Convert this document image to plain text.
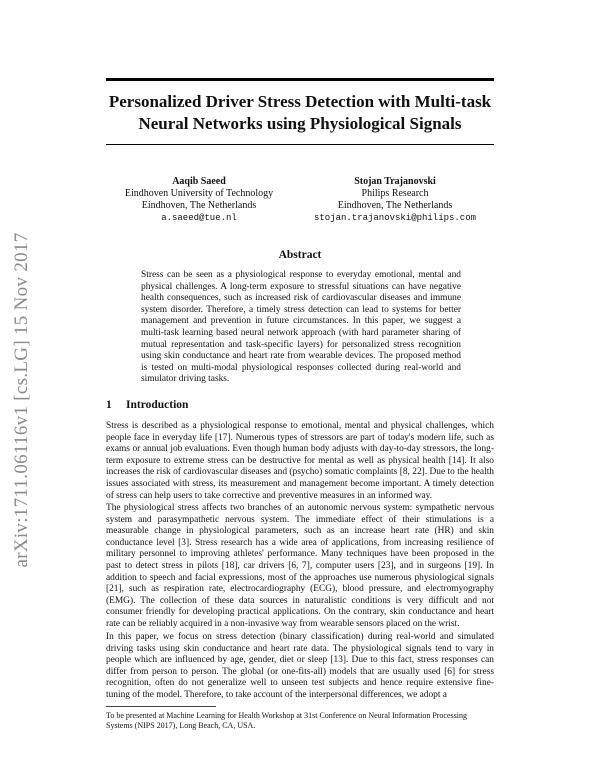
arXiv:1711.06116v1 [cs.LG] 15 Nov 2017
Personalized Driver Stress Detection with Multi-task
Neural Networks using Physiological Signals
Aaqib Saeed
Eindhoven University of Technology
Eindhoven, The Netherlands
a.saeed@tue.nl
Stojan Trajanovski
Philips Research
Eindhoven, The Netherlands
stojan.trajanovski@philips.com
Abstract
Stress can be seen as a physiological response to everyday emotional, mental and physical challenges. A long-term exposure to stressful situations can have negative health consequences, such as increased risk of cardiovascular diseases and immune system disorder. Therefore, a timely stress detection can lead to systems for better management and prevention in future circumstances. In this paper, we suggest a multi-task learning based neural network approach (with hard parameter sharing of mutual representation and task-specific layers) for personalized stress recognition using skin conductance and heart rate from wearable devices. The proposed method is tested on multi-modal physiological responses collected during real-world and simulator driving tasks.
1 Introduction

Stress is described as a physiological response to emotional, mental and physical challenges, which people face in everyday life [17]. Numerous types of stressors are part of today's modern life, such as exams or annual job evaluations. Even though human body adjusts with day-to-day stressors, the long-term exposure to extreme stress can be destructive for mental as well as physical health [14]. It also increases the risk of cardiovascular diseases and (psycho) somatic complaints [8, 22]. Due to the health issues associated with stress, its measurement and management become important. A timely detection of stress can help users to take corrective and preventive measures in an informed way.

The physiological stress affects two branches of an autonomic nervous system: sympathetic nervous system and parasympathetic nervous system. The immediate effect of their stimulations is a measurable change in physiological parameters, such as an increase heart rate (HR) and skin conductance level [3]. Stress research has a wide area of applications, from increasing resilience of military personnel to improving athletes' performance. Many techniques have been proposed in the past to detect stress in pilots [18], car drivers [6, 7], computer users [23], and in surgeons [19]. In addition to speech and facial expressions, most of the approaches use numerous physiological signals [21], such as respiration rate, electrocardiography (ECG), blood pressure, and electromyography (EMG). The collection of these data sources in naturalistic conditions is very difficult and not consumer friendly for developing practical applications. On the contrary, skin conductance and heart rate can be reliably acquired in a non-invasive way from wearable sensors placed on the wrist.

In this paper, we focus on stress detection (binary classification) during real-world and simulated driving tasks using skin conductance and heart rate data. The physiological signals tend to vary in people which are influenced by age, gender, diet or sleep [13]. Due to this fact, stress responses can differ from person to person. The global (or one-fits-all) models that are usually used [6] for stress recognition, often do not generalize well to unseen test subjects and hence require extensive fine-tuning of the model. Therefore, to take account of the interpersonal differences, we adopt a

To be presented at Machine Learning for Health Workshop at 31st Conference on Neural Information Processing Systems (NIPS 2017), Long Beach, CA, USA.
